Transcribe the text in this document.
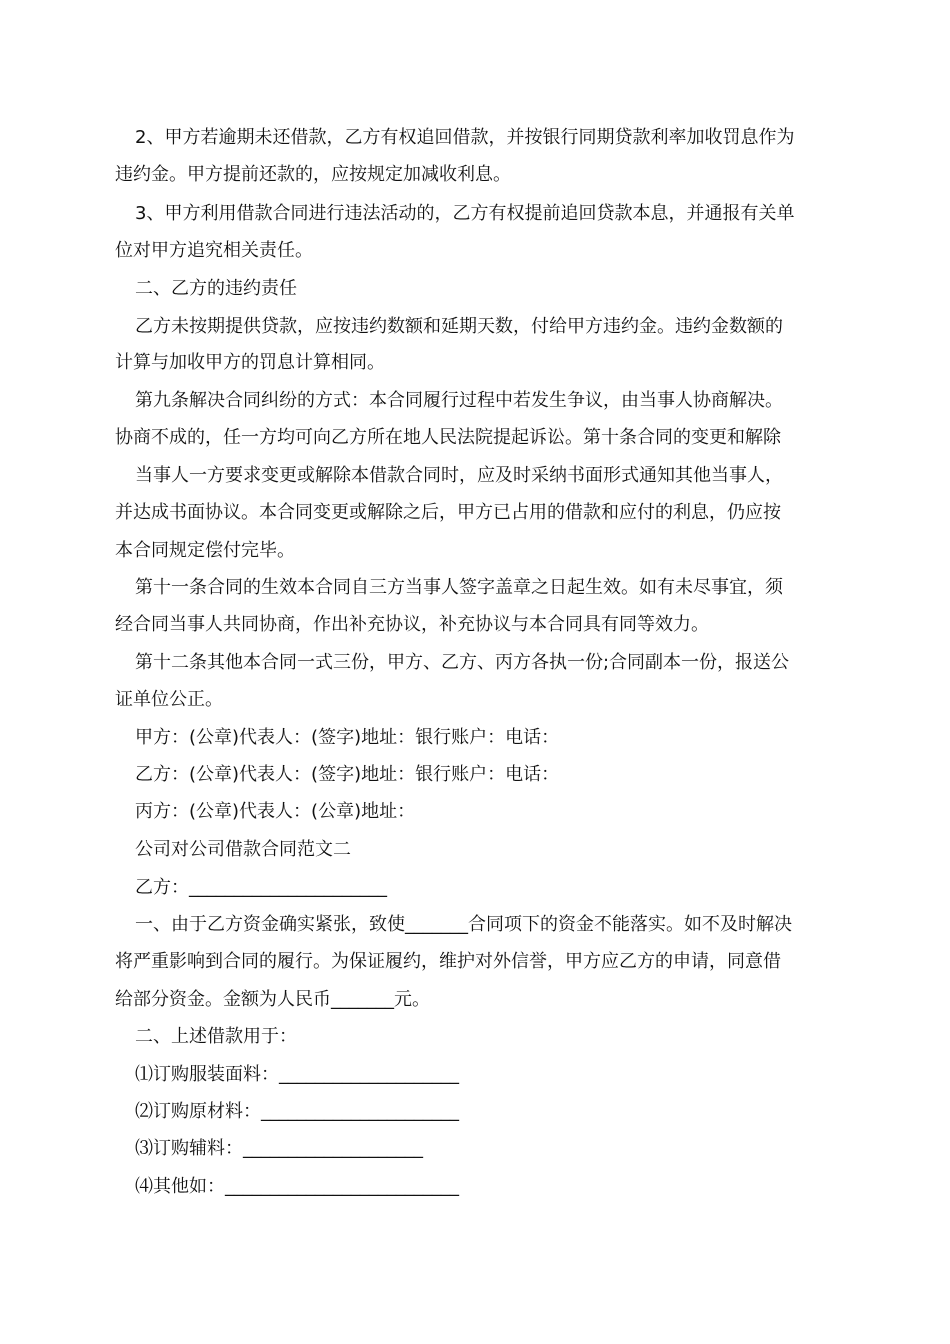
2、甲方若逾期未还借款，乙方有权追回借款，并按银行同期贷款利率加收罚息作为
违约金。甲方提前还款的，应按规定加减收利息。
3、甲方利用借款合同进行违法活动的，乙方有权提前追回贷款本息，并通报有关单
位对甲方追究相关责任。
二、乙方的违约责任
乙方未按期提供贷款，应按违约数额和延期天数，付给甲方违约金。违约金数额的
计算与加收甲方的罚息计算相同。
第九条解决合同纠纷的方式：本合同履行过程中若发生争议，由当事人协商解决。
协商不成的，任一方均可向乙方所在地人民法院提起诉讼。第十条合同的变更和解除
当事人一方要求变更或解除本借款合同时，应及时采纳书面形式通知其他当事人，
并达成书面协议。本合同变更或解除之后，甲方已占用的借款和应付的利息，仍应按
本合同规定偿付完毕。
第十一条合同的生效本合同自三方当事人签字盖章之日起生效。如有未尽事宜，须
经合同当事人共同协商，作出补充协议，补充协议与本合同具有同等效力。
第十二条其他本合同一式三份，甲方、乙方、丙方各执一份;合同副本一份，报送公
证单位公正。
甲方：(公章)代表人：(签字)地址：银行账户：电话：
乙方：(公章)代表人：(签字)地址：银行账户：电话：
丙方：(公章)代表人：(公章)地址：
公司对公司借款合同范文二
乙方：______________________
一、由于乙方资金确实紧张，致使_______合同项下的资金不能落实。如不及时解决
将严重影响到合同的履行。为保证履约，维护对外信誉，甲方应乙方的申请，同意借
给部分资金。金额为人民币_______元。
二、上述借款用于：
⑴订购服装面料：____________________
⑵订购原材料：______________________
⑶订购辅料：____________________
⑷其他如：__________________________
